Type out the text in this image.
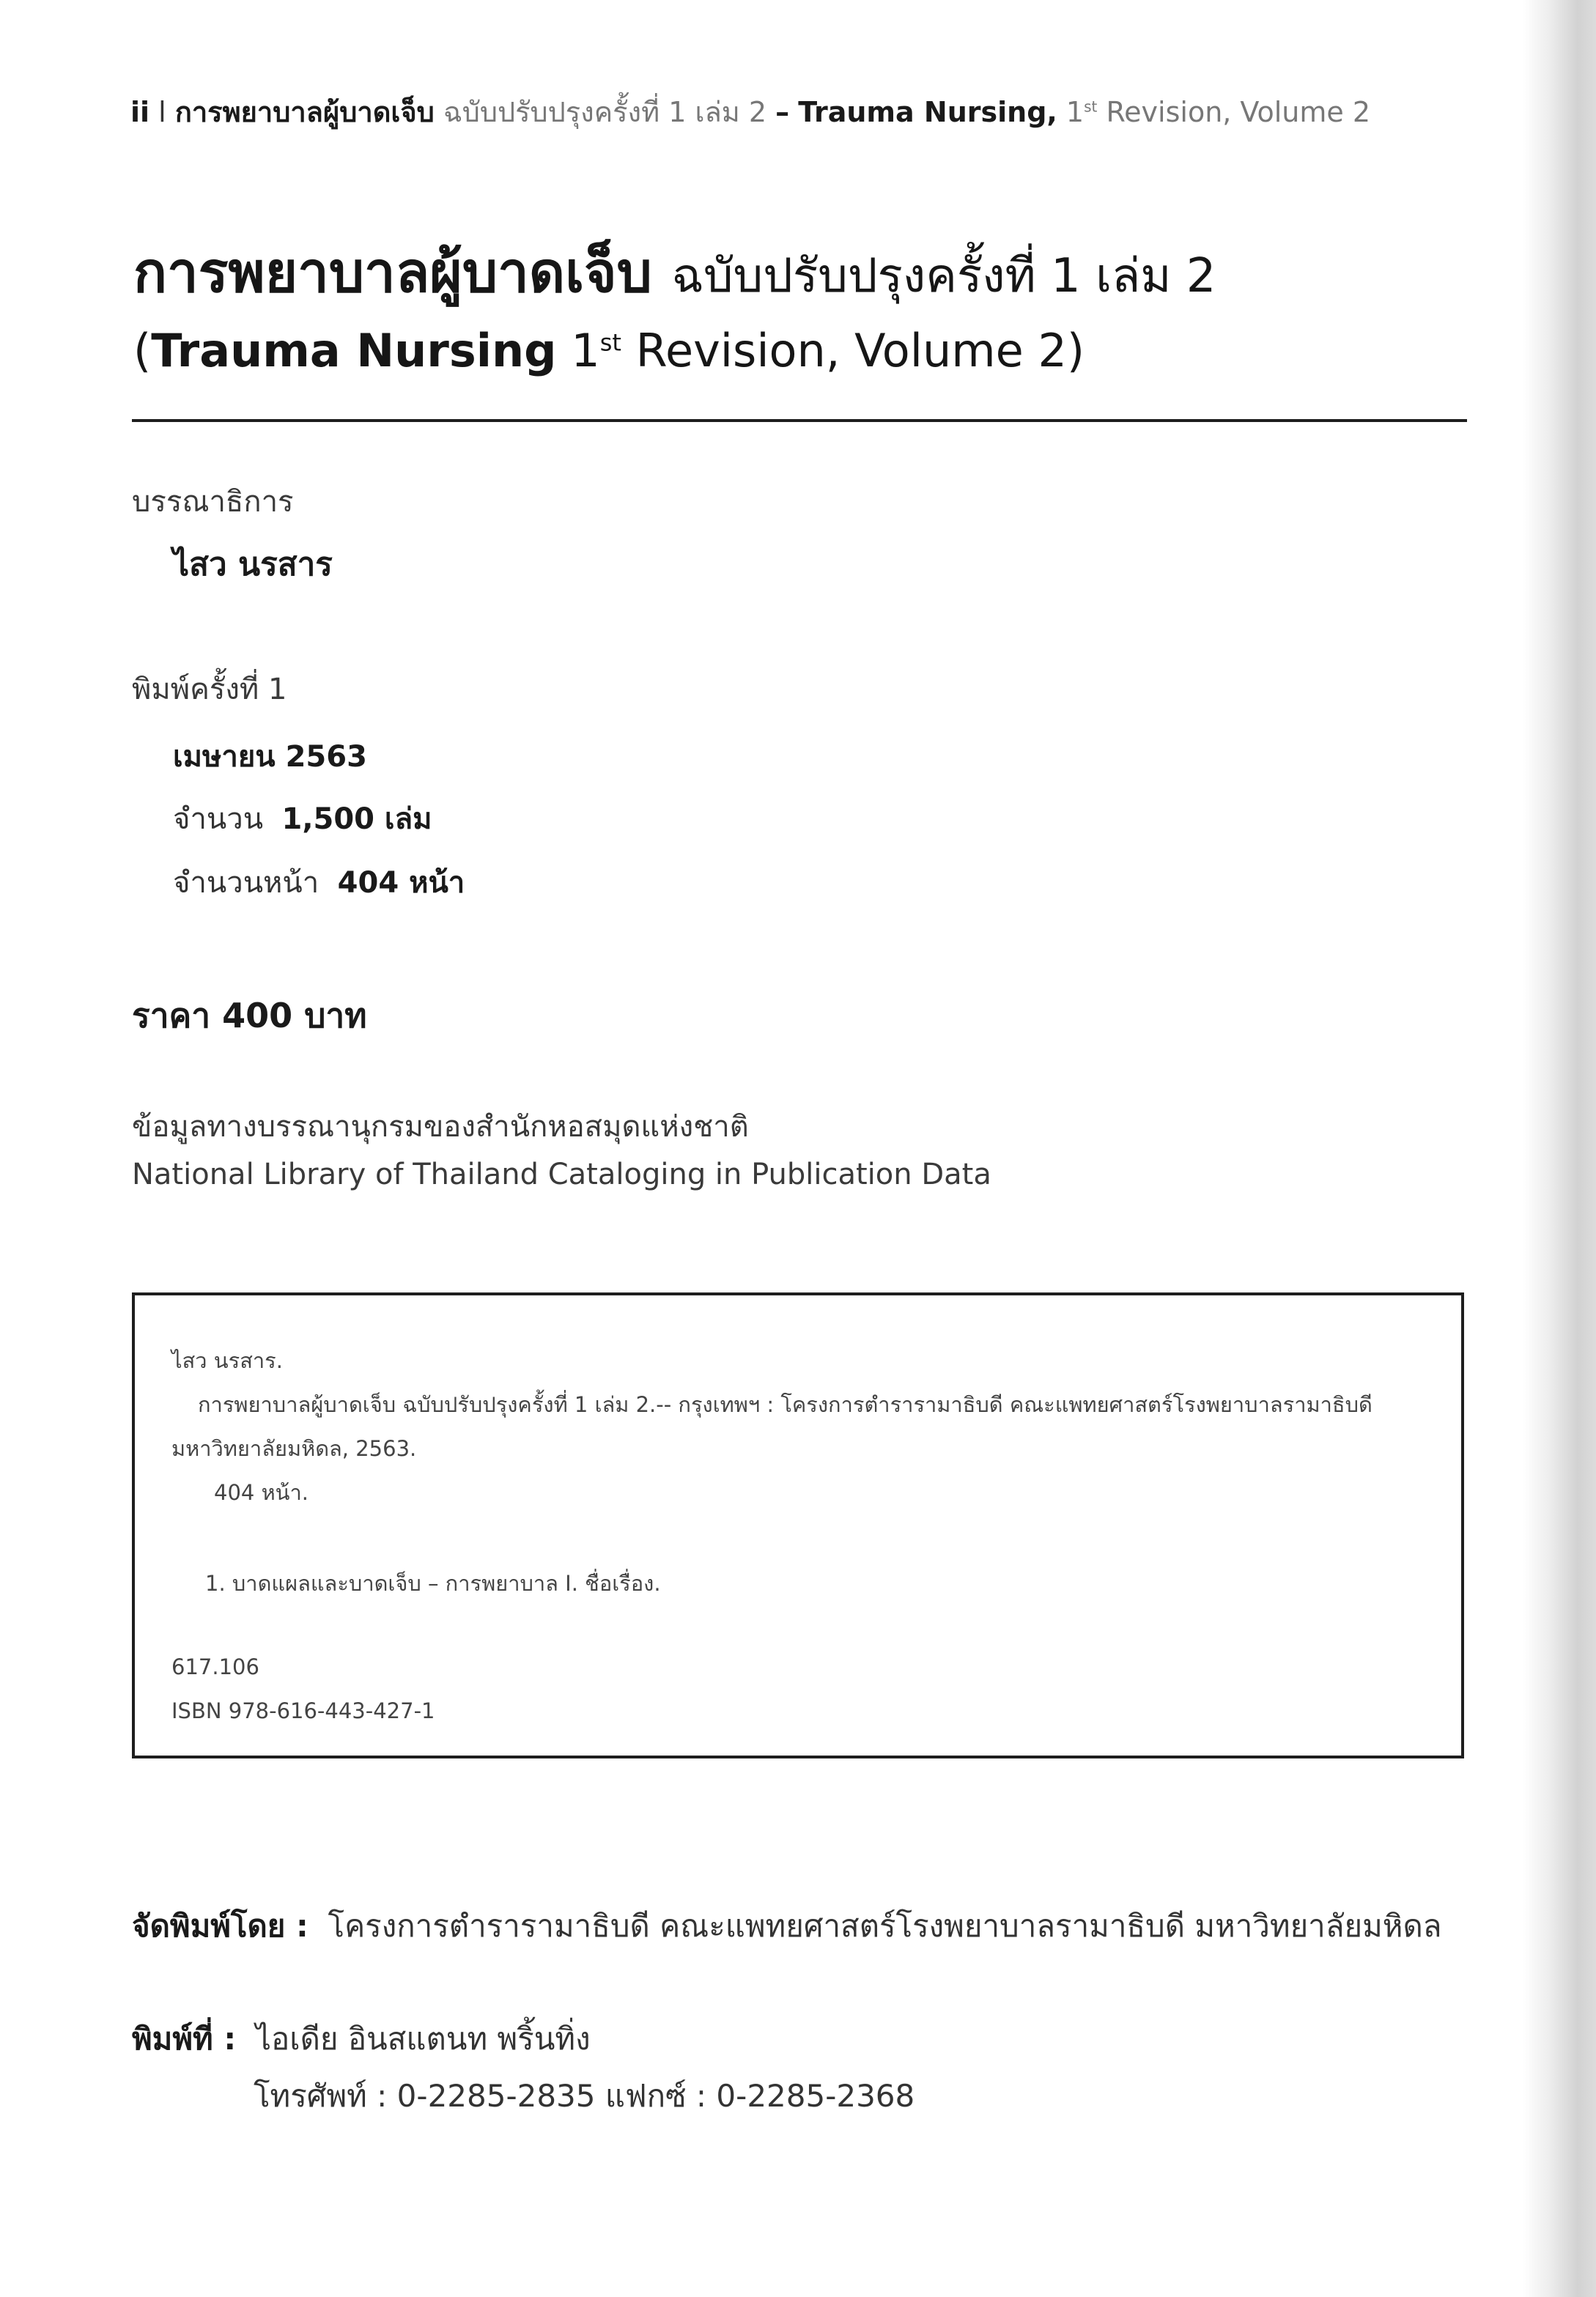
ii l การพยาบาลผู้บาดเจ็บ ฉบับปรับปรุงครั้งที่ 1 เล่ม 2 – Trauma Nursing, 1st Revision, Volume 2
การพยาบาลผู้บาดเจ็บ ฉบับปรับปรุงครั้งที่ 1 เล่ม 2
(Trauma Nursing 1st Revision, Volume 2)
บรรณาธิการ
ไสว นรสาร
พิมพ์ครั้งที่ 1
เมษายน 2563
จำนวน 1,500 เล่ม
จำนวนหน้า 404 หน้า
ราคา 400 บาท
ข้อมูลทางบรรณานุกรมของสำนักหอสมุดแห่งชาติ
National Library of Thailand Cataloging in Publication Data
ไสว นรสาร.
การพยาบาลผู้บาดเจ็บ ฉบับปรับปรุงครั้งที่ 1 เล่ม 2.-- กรุงเทพฯ : โครงการตำรารามาธิบดี คณะแพทยศาสตร์โรงพยาบาลรามาธิบดี
มหาวิทยาลัยมหิดล, 2563.
404 หน้า.
1. บาดแผลและบาดเจ็บ – การพยาบาล I. ชื่อเรื่อง.
617.106
ISBN 978-616-443-427-1
จัดพิมพ์โดย : โครงการตำรารามาธิบดี คณะแพทยศาสตร์โรงพยาบาลรามาธิบดี มหาวิทยาลัยมหิดล
พิมพ์ที่ : ไอเดีย อินสแตนท พริ้นทิ่ง
โทรศัพท์ : 0-2285-2835 แฟกซ์ : 0-2285-2368
